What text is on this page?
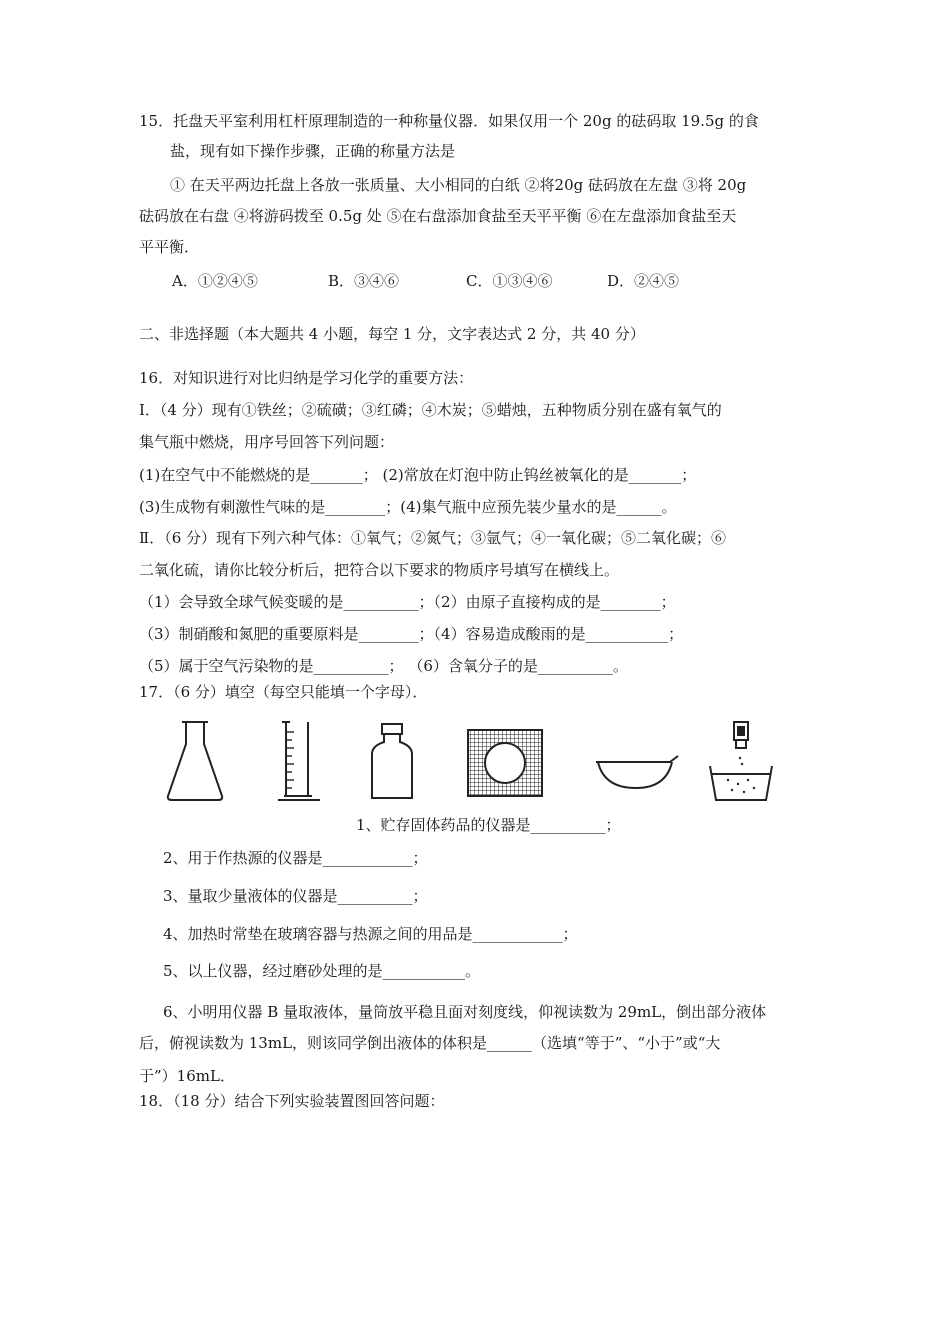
15．托盘天平室利用杠杆原理制造的一种称量仪器．如果仅用一个 20g 的砝码取 19.5g 的食
盐，现有如下操作步骤，正确的称量方法是
① 在天平两边托盘上各放一张质量、大小相同的白纸 ②将20g 砝码放在左盘 ③将 20g
砝码放在右盘 ④将游码拨至 0.5g 处 ⑤在右盘添加食盐至天平平衡 ⑥在左盘添加食盐至天
平平衡．
A．①②④⑤	B．③④⑥	C．①③④⑥	D．②④⑤
二、非选择题（本大题共 4 小题，每空 1 分，文字表达式 2 分，共 40 分）
16．对知识进行对比归纳是学习化学的重要方法：
Ⅰ．（4 分）现有①铁丝；②硫磺；③红磷；④木炭；⑤蜡烛，五种物质分别在盛有氧气的
集气瓶中燃烧，用序号回答下列问题：
(1)在空气中不能燃烧的是_______； (2)常放在灯泡中防止钨丝被氧化的是_______；
(3)生成物有刺激性气味的是________；(4)集气瓶中应预先装少量水的是______。
Ⅱ．（6 分）现有下列六种气体：①氧气；②氮气；③氩气；④一氧化碳；⑤二氧化碳；⑥
二氧化硫，请你比较分析后，把符合以下要求的物质序号填写在横线上。
（1）会导致全球气候变暖的是__________；（2）由原子直接构成的是________；
（3）制硝酸和氮肥的重要原料是________；（4）容易造成酸雨的是___________；
（5）属于空气污染物的是__________； （6）含氧分子的是__________。
17．（6 分）填空（每空只能填一个字母）．
1、贮存固体药品的仪器是__________；
2、用于作热源的仪器是____________；
3、量取少量液体的仪器是__________；
4、加热时常垫在玻璃容器与热源之间的用品是____________；
5、以上仪器，经过磨砂处理的是___________。
6、小明用仪器 B 量取液体，量筒放平稳且面对刻度线，仰视读数为 29mL，倒出部分液体
后，俯视读数为 13mL，则该同学倒出液体的体积是______（选填“等于”、“小于”或“大
于”）16mL．
18．（18 分）结合下列实验装置图回答问题：
